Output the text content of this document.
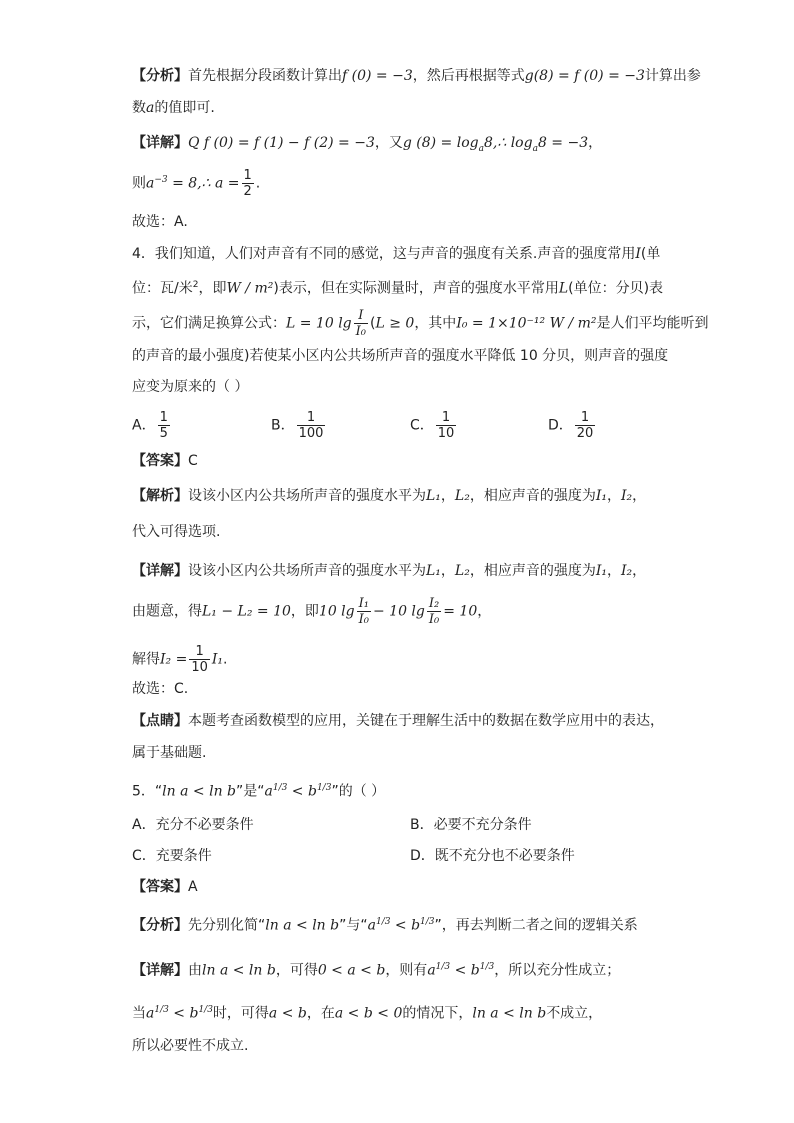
【分析】首先根据分段函数计算出f (0) = −3，然后再根据等式g(8) = f (0) = −3计算出参
数a的值即可.
【详解】Q f (0) = f (1) − f (2) = −3，又g $(8) = \log_a8,\therefore$ $\log_a8 = -3$，
则$a^{-3}$ = 8,∴ $a = \frac{1}{2}$ .
故选：A.
4．我们知道，人们对声音有不同的感觉，这与声音的强度有关系.声音的强度常用I(单
位：瓦/米$^2$，即W / m²)表示，但在实际测量时，声音的强度水平常用L(单位：分贝)表
示，它们满足换算公式：L = 10 $\lg \frac{I}{\text{I₀}} (L \ge 0$，其中I₀ = 1×10⁻¹² W / m²是人们平均能听到
的声音的最小强度)若使某小区内公共场所声音的强度水平降低 10 分贝，则声音的强度
应变为原来的（ ）
A． $\frac{1}{5}$	B． $\frac{1}{100}$	C． $\frac{1}{10}$	D． $\frac{1}{20}$
【答案】C
【解析】设该小区内公共场所声音的强度水平为L₁，L₂，相应声音的强度为I₁，I₂，
代入可得选项.
【详解】设该小区内公共场所声音的强度水平为L₁，L₂，相应声音的强度为I₁，I₂，
由题意，得L₁ − L₂ = 10，即10 $\lg \frac{\text{I₁}}{\text{I₀}} - 10$ $\lg \frac{\text{I₂}}{\text{I₀}} = 10$，
解得$I_2 = \frac{1}{10} I_1$.
故选：C.
【点睛】本题考查函数模型的应用，关键在于理解生活中的数据在数学应用中的表达，
属于基础题.
5．“ln a < ln b”是“$a^{1/3} < b^{1/3}$”的（ ）
A．充分不必要条件	B．必要不充分条件
C．充要条件	D．既不充分也不必要条件
【答案】A
【分析】先分别化简“ln a < ln b”与“$a^{1/3} < b^{1/3}$”，再去判断二者之间的逻辑关系
【详解】由ln a < ln b，可得0 < a < b，则有$a^{1/3} < b^{1/3}$，所以充分性成立；
当$a^{1/3} < b^{1/3}$时，可得a < b，在a < b < 0的情况下，ln a < ln b不成立，
所以必要性不成立.
